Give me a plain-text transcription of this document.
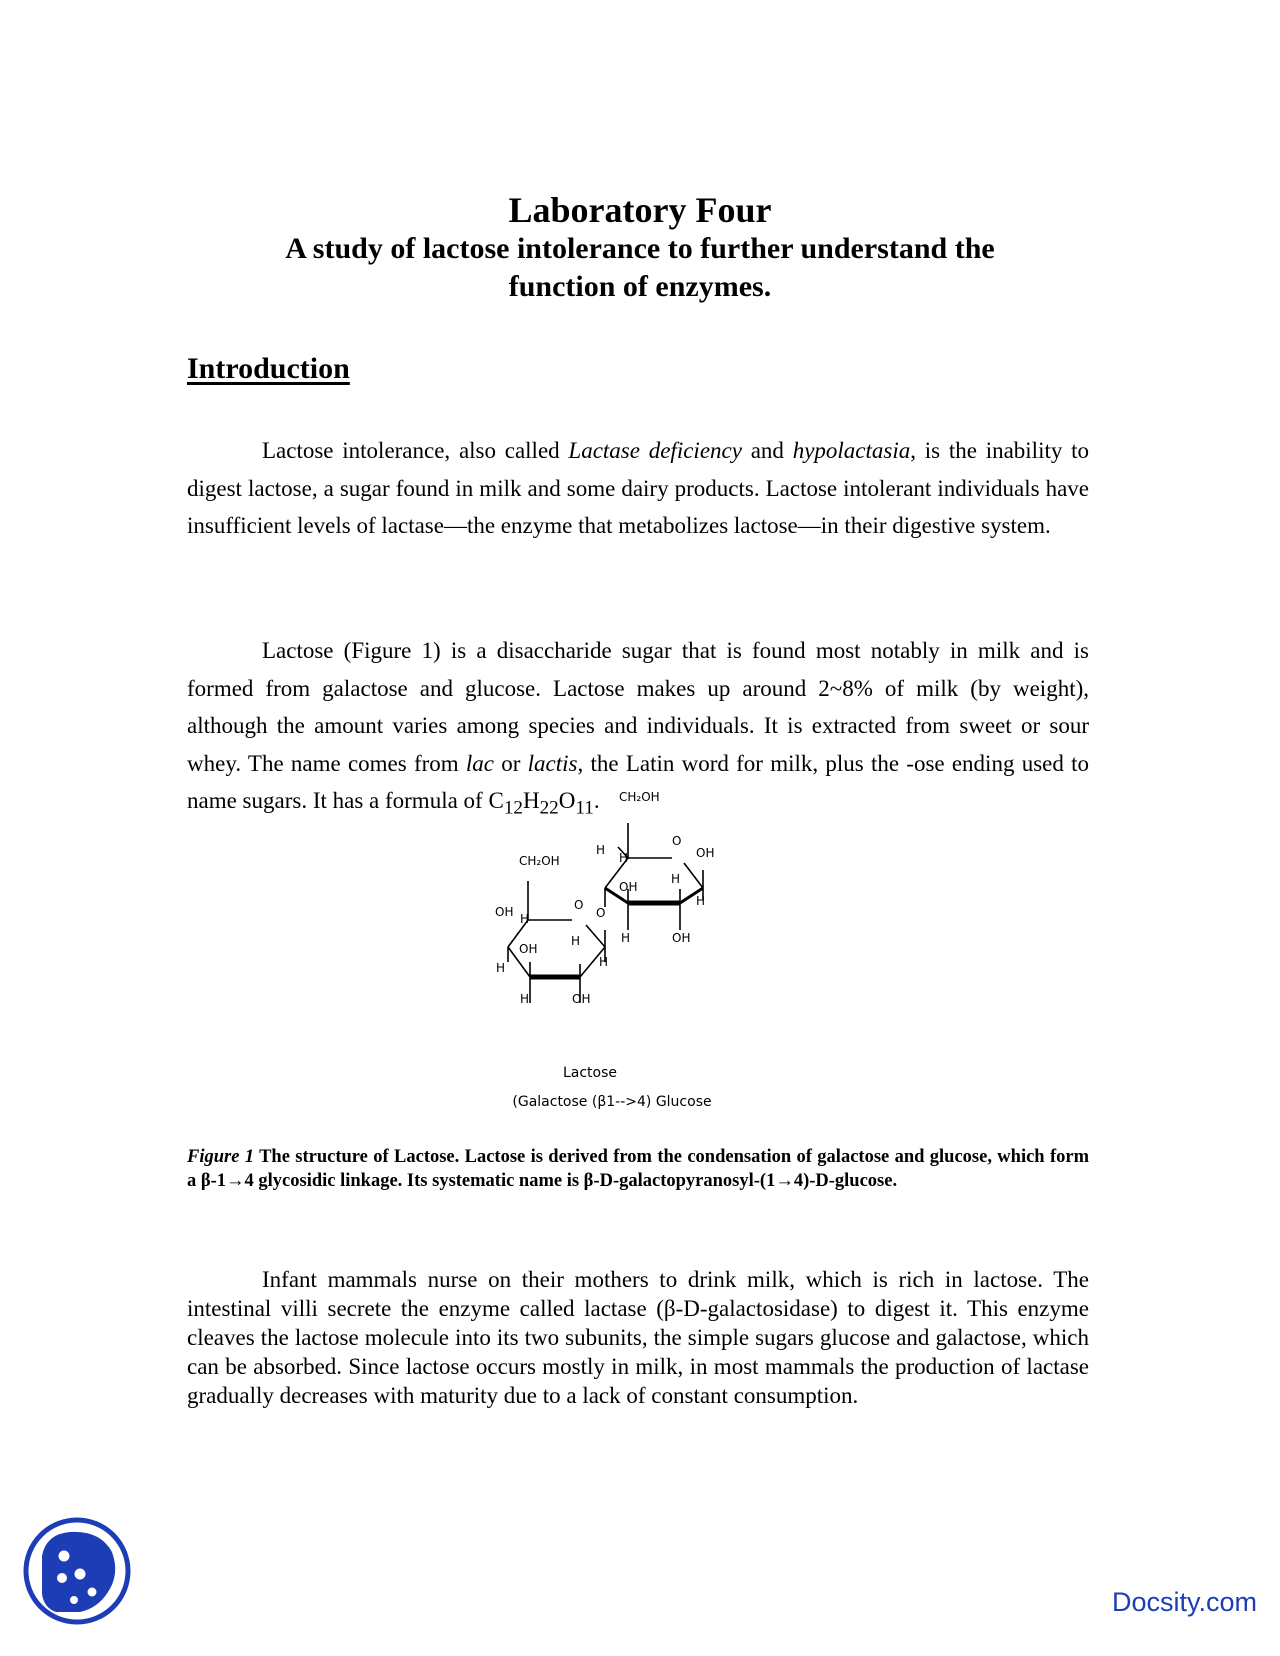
Laboratory Four
A study of lactose intolerance to further understand the
function of enzymes.
Introduction

Lactose intolerance, also called Lactase deficiency and hypolactasia, is the inability to digest lactose, a sugar found in milk and some dairy products. Lactose intolerant individuals have insufficient levels of lactase—the enzyme that metabolizes lactose—in their digestive system.

Lactose (Figure 1) is a disaccharide sugar that is found most notably in milk and is formed from galactose and glucose. Lactose makes up around 2~8% of milk (by weight), although the amount varies among species and individuals. It is extracted from sweet or sour whey. The name comes from lac or lactis, the Latin word for milk, plus the -ose ending used to name sugars. It has a formula of $C_{12}H_{22}O_{11}$.	CH₂OH
CH₂OH
O
O
O
OH
OH
OH
OH
OH
OH
H
H
H
H
H
H
H
H
H
H
Lactose
(Galactose (β1-->4) Glucose

Figure 1 The structure of Lactose. Lactose is derived from the condensation of galactose and glucose, which form a β-1→4 glycosidic linkage. Its systematic name is β-D-galactopyranosyl-(1→4)-D-glucose.

Infant mammals nurse on their mothers to drink milk, which is rich in lactose. The intestinal villi secrete the enzyme called lactase (β-D-galactosidase) to digest it. This enzyme cleaves the lactose molecule into its two subunits, the simple sugars glucose and galactose, which can be absorbed. Since lactose occurs mostly in milk, in most mammals the production of lactase gradually decreases with maturity due to a lack of constant consumption.

Docsity.com
